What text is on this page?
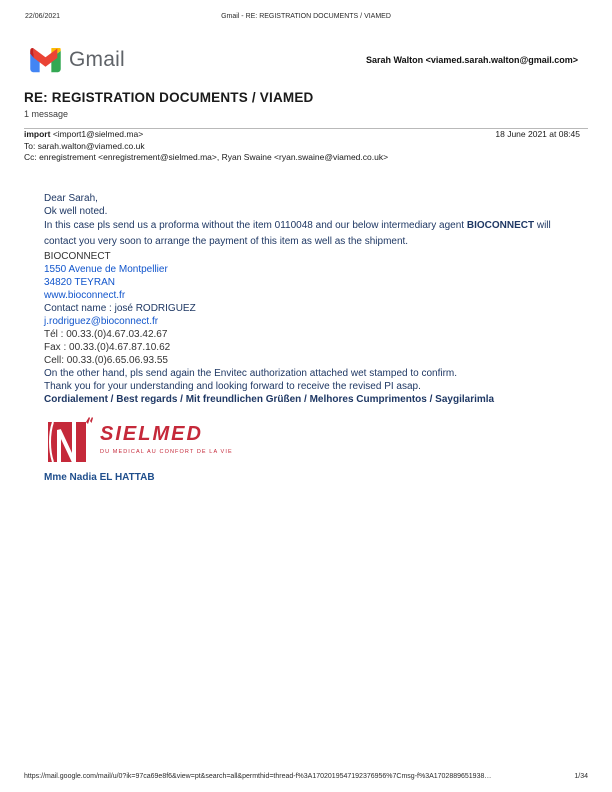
22/06/2021	Gmail - RE: REGISTRATION DOCUMENTS / VIAMED
Gmail	Sarah Walton <viamed.sarah.walton@gmail.com>
RE: REGISTRATION DOCUMENTS / VIAMED
1 message
import <import1@sielmed.ma>
To: sarah.walton@viamed.co.uk
Cc: enregistrement <enregistrement@sielmed.ma>, Ryan Swaine <ryan.swaine@viamed.co.uk>
18 June 2021 at 08:45

Dear Sarah,

Ok well noted.

In this case pls send us a proforma without the item 0110048 and our below intermediary agent BIOCONNECT will contact you very soon to arrange the payment of this item as well as the shipment.

BIOCONNECT

1550 Avenue de Montpellier

34820 TEYRAN

www.bioconnect.fr

Contact name : josé RODRIGUEZ

j.rodriguez@bioconnect.fr

Tél : 00.33.(0)4.67.03.42.67

Fax : 00.33.(0)4.67.87.10.62

Cell: 00.33.(0)6.65.06.93.55

On the other hand, pls send again the Envitec authorization attached wet stamped to confirm.

Thank you for your understanding and looking forward to receive the revised PI asap.

Cordialement / Best regards / Mit freundlichen Grüßen / Melhores Cumprimentos / Saygilarimla

SIELMED
DU MEDICAL AU CONFORT DE LA VIE

Mme Nadia EL HATTAB

https://mail.google.com/mail/u/0?ik=97ca69e8f6&view=pt&search=all&permthid=thread-f%3A1702019547192376956%7Cmsg-f%3A1702889651938…	1/34
